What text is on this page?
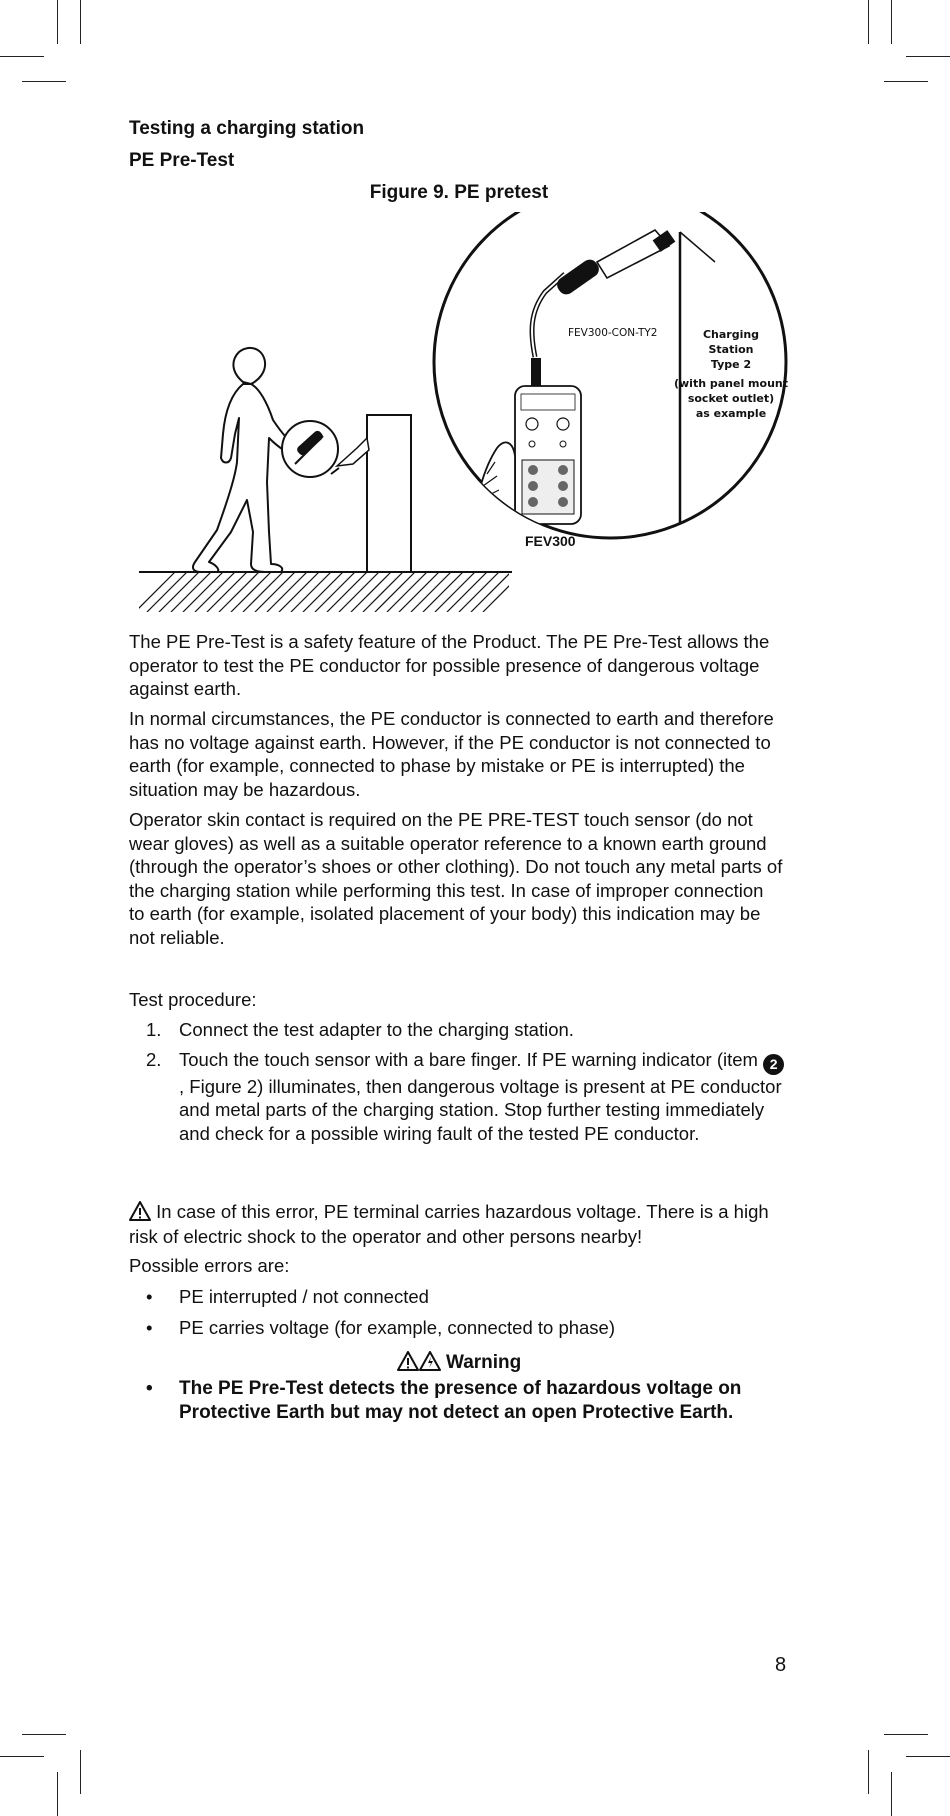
Testing a charging station
PE Pre-Test
Figure 9. PE pretest
FEV300-CON-TY2	Charging
Station
Type 2
(with panel mount
socket outlet)
as example
FEV300

The PE Pre-Test is a safety feature of the Product. The PE Pre-Test allows the operator to test the PE conductor for possible presence of dangerous voltage against earth.

In normal circumstances, the PE conductor is connected to earth and therefore has no voltage against earth. However, if the PE conductor is not connected to earth (for example, connected to phase by mistake or PE is interrupted) the situation may be hazardous.

Operator skin contact is required on the PE PRE-TEST touch sensor (do not wear gloves) as well as a suitable operator reference to a known earth ground (through the operator’s shoes or other clothing). Do not touch any metal parts of the charging station while performing this test. In case of improper connection to earth (for example, isolated placement of your body) this indication may be not reliable.

Test procedure:

1. Connect the test adapter to the charging station.
2. Touch the touch sensor with a bare finger. If PE warning indicator (item 2, Figure 2) illuminates, then dangerous voltage is present at PE conductor and metal parts of the charging station. Stop further testing immediately and check for a possible wiring fault of the tested PE conductor.

In case of this error, PE terminal carries hazardous voltage. There is a high risk of electric shock to the operator and other persons nearby!

Possible errors are:

• PE interrupted / not connected
• PE carries voltage (for example, connected to phase)
Warning
• The PE Pre-Test detects the presence of hazardous voltage on Protective Earth but may not detect an open Protective Earth.
8
